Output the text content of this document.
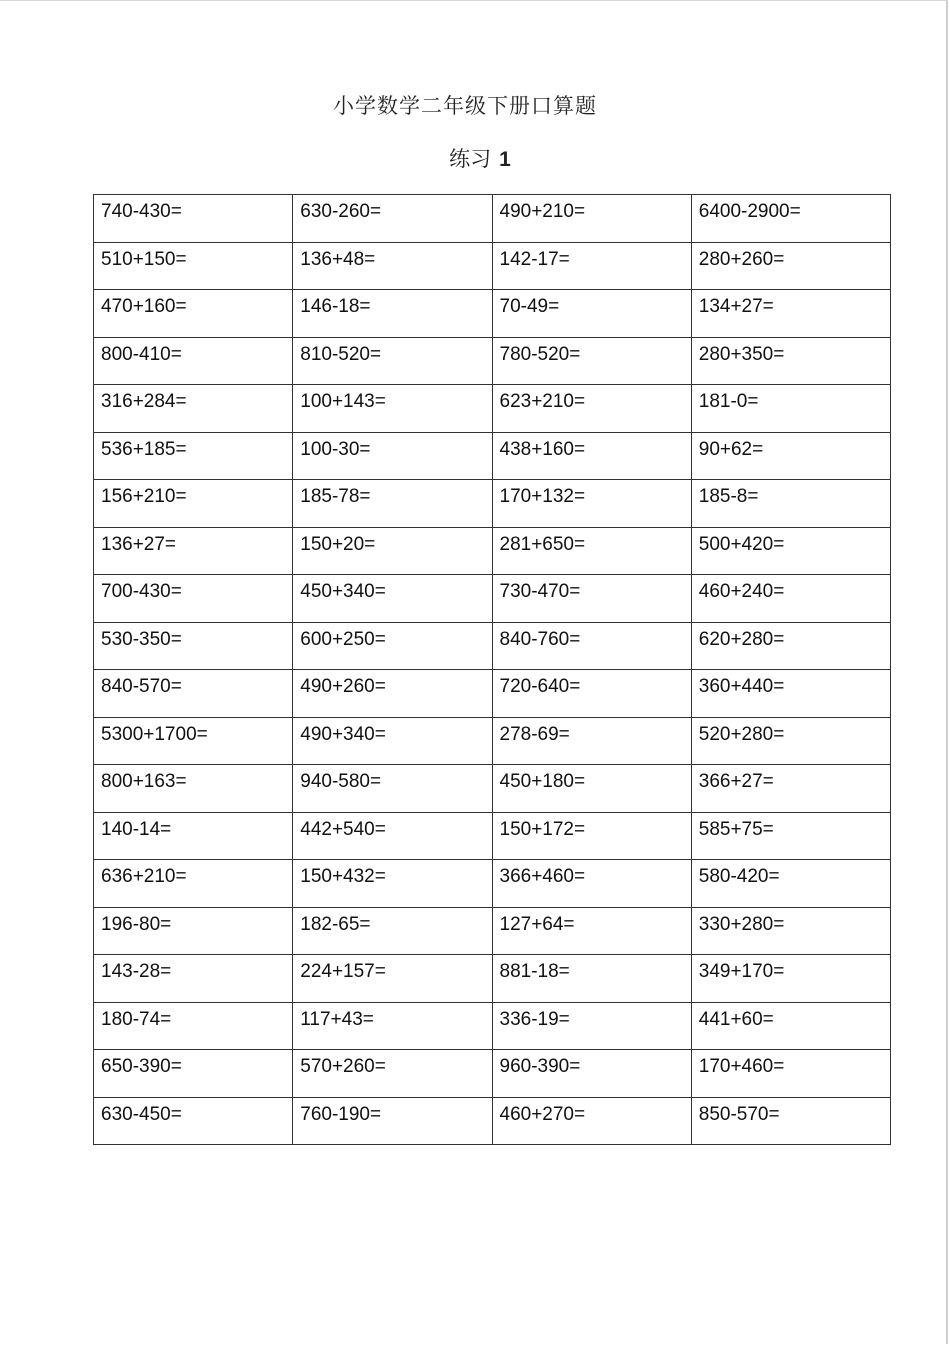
小学数学二年级下册口算题
练习 1
740-430=	630-260=	490+210=	6400-2900=
510+150=	136+48=	142-17=	280+260=
470+160=	146-18=	70-49=	134+27=
800-410=	810-520=	780-520=	280+350=
316+284=	100+143=	623+210=	181-0=
536+185=	100-30=	438+160=	90+62=
156+210=	185-78=	170+132=	185-8=
136+27=	150+20=	281+650=	500+420=
700-430=	450+340=	730-470=	460+240=
530-350=	600+250=	840-760=	620+280=
840-570=	490+260=	720-640=	360+440=
5300+1700=	490+340=	278-69=	520+280=
800+163=	940-580=	450+180=	366+27=
140-14=	442+540=	150+172=	585+75=
636+210=	150+432=	366+460=	580-420=
196-80=	182-65=	127+64=	330+280=
143-28=	224+157=	881-18=	349+170=
180-74=	117+43=	336-19=	441+60=
650-390=	570+260=	960-390=	170+460=
630-450=	760-190=	460+270=	850-570=
